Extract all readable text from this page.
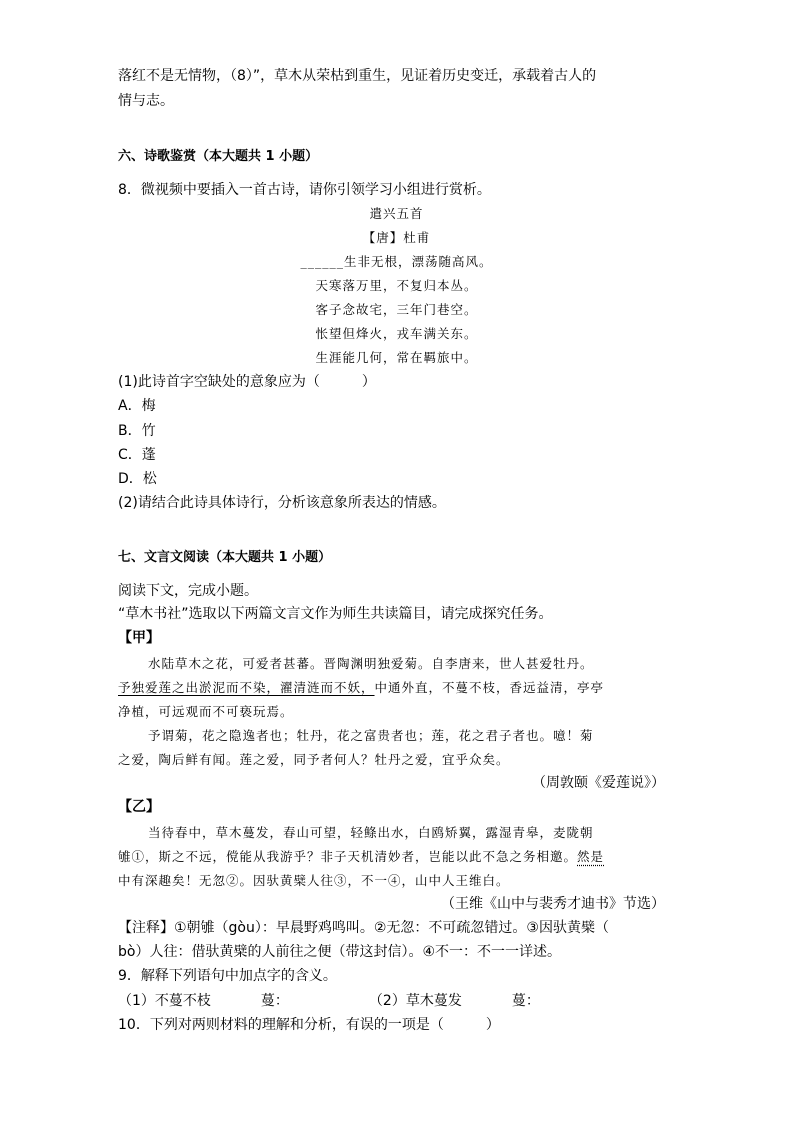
落红不是无情物，（8）”，草木从荣枯到重生，见证着历史变迁，承载着古人的
情与志。
六、诗歌鉴赏（本大题共 1 小题）
8．微视频中要插入一首古诗，请你引领学习小组进行赏析。
遣兴五首
【唐】杜甫
______生非无根，漂荡随高风。
天寒落万里，不复归本丛。
客子念故宅，三年门巷空。
怅望但烽火，戎车满关东。
生涯能几何，常在羁旅中。
(1)此诗首字空缺处的意象应为（　　　）
A．梅
B．竹
C．蓬
D．松
(2)请结合此诗具体诗行，分析该意象所表达的情感。
七、文言文阅读（本大题共 1 小题）
阅读下文，完成小题。
“草木书社”选取以下两篇文言文作为师生共读篇目，请完成探究任务。
【甲】
水陆草木之花，可爱者甚蕃。晋陶渊明独爱菊。自李唐来，世人甚爱牡丹。
予独爱莲之出淤泥而不染，濯清涟而不妖，中通外直，不蔓不枝，香远益清，亭亭
净植，可远观而不可亵玩焉。
予谓菊，花之隐逸者也；牡丹，花之富贵者也；莲，花之君子者也。噫！菊
之爱，陶后鲜有闻。莲之爱，同予者何人？牡丹之爱，宜乎众矣。
（周敦颐《爱莲说》）
【乙】
当待春中，草木蔓发，春山可望，轻鲦出水，白鸥矫翼，露湿青皋，麦陇朝
雊①，斯之不远，傥能从我游乎？非子天机清妙者，岂能以此不急之务相邀。然是
中有深趣矣！无忽②。因驮黄檗人往③，不一④，山中人王维白。
（王维《山中与裴秀才迪书》节选）
【注释】①朝雊（gòu）：早晨野鸡鸣叫。②无忽：不可疏忽错过。③因驮黄檗（
bò）人往：借驮黄檗的人前往之便（带这封信）。④不一：不一一详述。
9．解释下列语句中加点字的含义。
（1）不蔓不枝	蔓：	（2）草木蔓发	蔓：
10．下列对两则材料的理解和分析，有误的一项是（　　　）
